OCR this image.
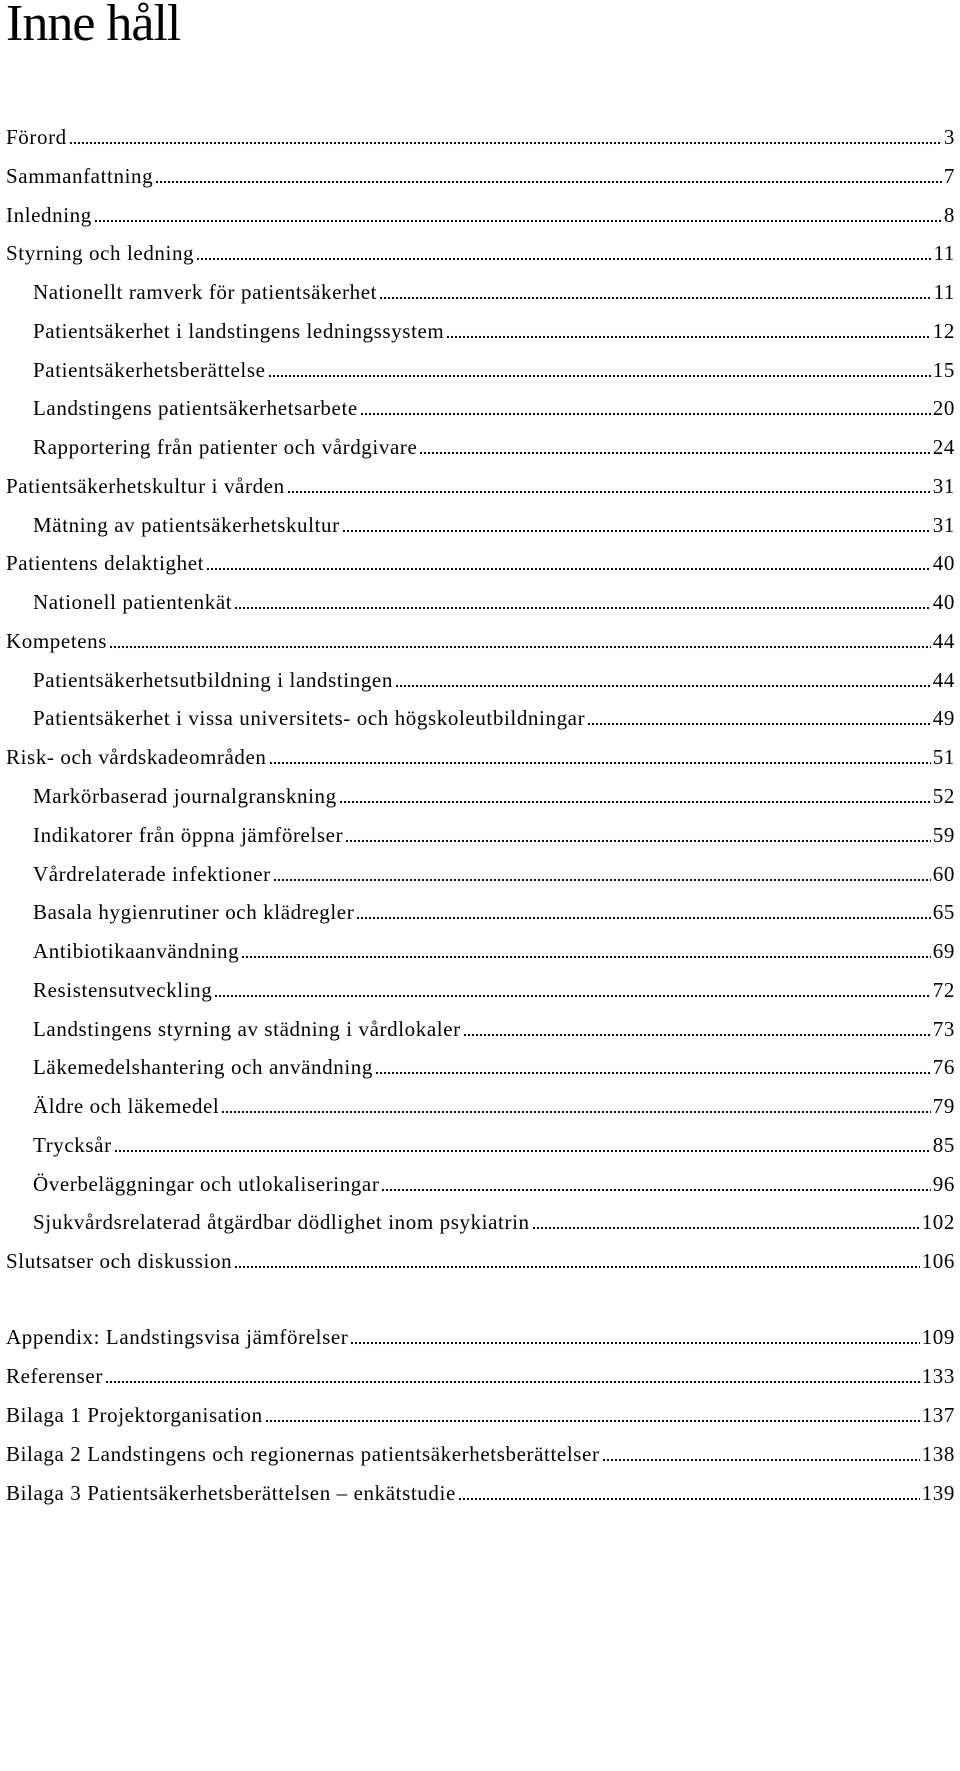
Inne håll
Förord	3
Sammanfattning	7
Inledning	8
Styrning och ledning	11
Nationellt ramverk för patientsäkerhet	11
Patientsäkerhet i landstingens ledningssystem	12
Patientsäkerhetsberättelse	15
Landstingens patientsäkerhetsarbete	20
Rapportering från patienter och vårdgivare	24
Patientsäkerhetskultur i vården	31
Mätning av patientsäkerhetskultur	31
Patientens delaktighet	40
Nationell patientenkät	40
Kompetens	44
Patientsäkerhetsutbildning i landstingen	44
Patientsäkerhet i vissa universitets- och högskoleutbildningar	49
Risk- och vårdskadeområden	51
Markörbaserad journalgranskning	52
Indikatorer från öppna jämförelser	59
Vårdrelaterade infektioner	60
Basala hygienrutiner och klädregler	65
Antibiotikaanvändning	69
Resistensutveckling	72
Landstingens styrning av städning i vårdlokaler	73
Läkemedelshantering och användning	76
Äldre och läkemedel	79
Trycksår	85
Överbeläggningar och utlokaliseringar	96
Sjukvårdsrelaterad åtgärdbar dödlighet inom psykiatrin	102
Slutsatser och diskussion	106
Appendix: Landstingsvisa jämförelser	109
Referenser	133
Bilaga 1 Projektorganisation	137
Bilaga 2 Landstingens och regionernas patientsäkerhetsberättelser	138
Bilaga 3 Patientsäkerhetsberättelsen – enkätstudie	139
